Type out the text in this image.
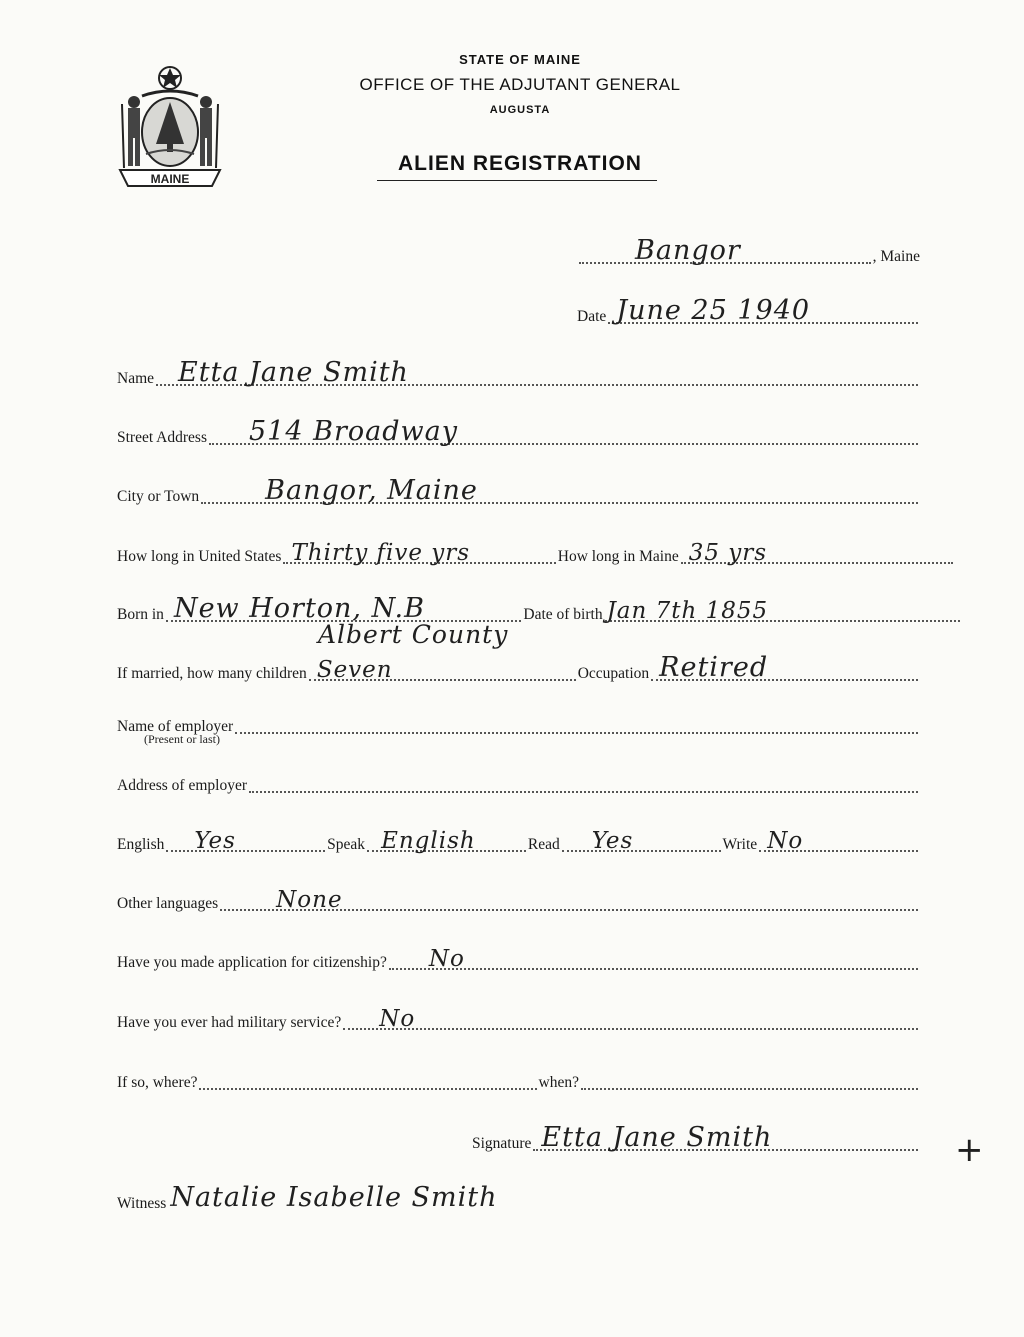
MAINE
STATE OF MAINE
OFFICE OF THE ADJUTANT GENERAL
AUGUSTA
ALIEN REGISTRATION
Bangor	, Maine
Date June 25 1940
Name Etta Jane Smith
Street Address 514 Broadway
City or Town Bangor, Maine
How long in United States Thirty five yrs	How long in Maine 35 yrs
Born in New Horton, N.B	Date of birth Jan 7th 1855
Albert County
If married, how many children Seven	Occupation Retired
Name of employer
(Present or last)
Address of employer
English Yes	Speak English	Read Yes	Write No
Other languages	None
Have you made application for citizenship? No
Have you ever had military service? No
If so, where?	when?
Signature Etta Jane Smith	+
Witness Natalie Isabelle Smith
